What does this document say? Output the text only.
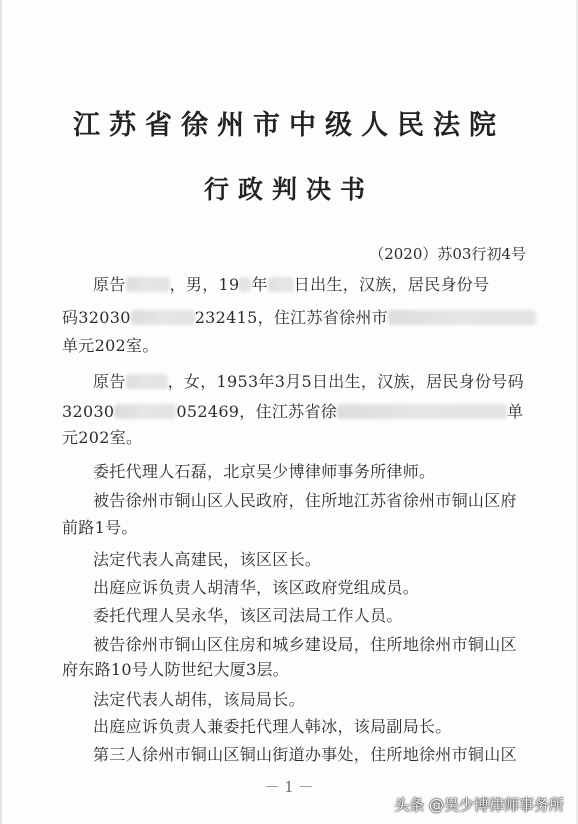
江苏省徐州市中级人民法院
行政判决书
（2020）苏03行初4号
原告	，男，19 年 日出生，汉族，居民身份号
码32030	232415，住江苏省徐州市
单元202室。
原告	，女，1953年3月5日出生，汉族，居民身份号码
32030	052469，住江苏省徐	单
元202室。
委托代理人石磊，北京吴少博律师事务所律师。
被告徐州市铜山区人民政府，住所地江苏省徐州市铜山区府
前路1号。
法定代表人高建民，该区区长。
出庭应诉负责人胡清华，该区政府党组成员。
委托代理人吴永华，该区司法局工作人员。
被告徐州市铜山区住房和城乡建设局，住所地徐州市铜山区
府东路10号人防世纪大厦3层。
法定代表人胡伟，该局局长。
出庭应诉负责人兼委托代理人韩冰，该局副局长。
第三人徐州市铜山区铜山街道办事处，住所地徐州市铜山区
－ 1 －
头条 @吴少博律师事务所
